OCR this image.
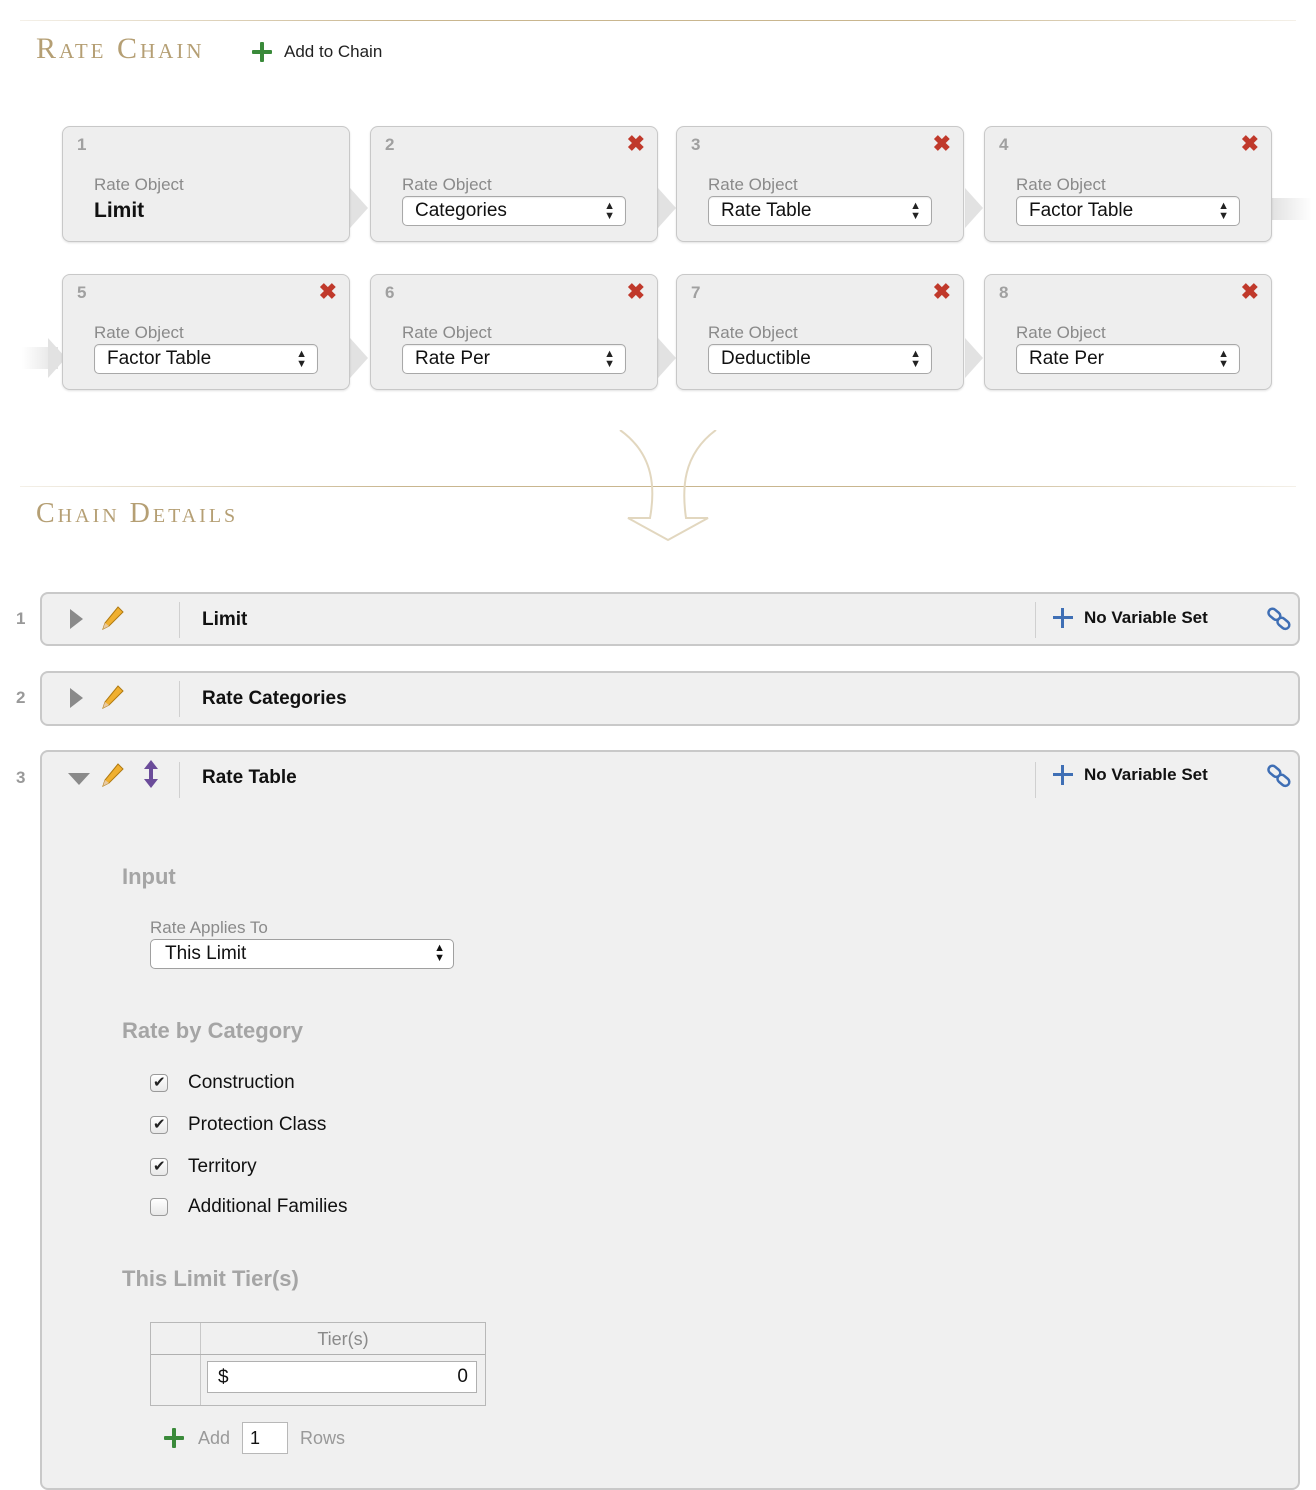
Rate Chain	Add to Chain
1
Rate Object
Limit
2	✖
Rate Object
Categories	▲
▼
3	✖
Rate Object
Rate Table	▲
▼
4	✖
Rate Object
Factor Table	▲
▼
5	✖
Rate Object
Factor Table	▲
▼
6	✖
Rate Object
Rate Per	▲
▼
7	✖
Rate Object
Deductible	▲
▼
8	✖
Rate Object
Rate Per	▲
▼
Chain Details
1	Limit	No Variable Set
2	Rate Categories
3	Rate Table	No Variable Set
Input
Rate Applies To
This Limit	▲
▼
Rate by Category
✔
Construction
✔
Protection Class
✔
Territory
Additional Families
This Limit Tier(s)
Tier(s)
$	0
Add	1	Rows
